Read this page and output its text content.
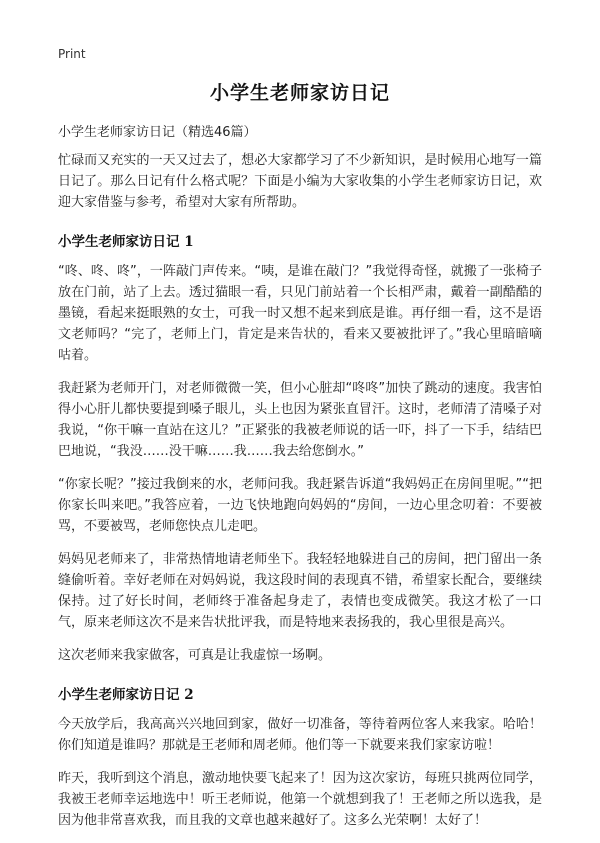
Print
小学生老师家访日记
小学生老师家访日记（精选46篇）

忙碌而又充实的一天又过去了，想必大家都学习了不少新知识，是时候用心地写一篇日记了。那么日记有什么格式呢？下面是小编为大家收集的小学生老师家访日记，欢迎大家借鉴与参考，希望对大家有所帮助。

小学生老师家访日记 1

“咚、咚、咚”，一阵敲门声传来。“咦，是谁在敲门？”我觉得奇怪，就搬了一张椅子放在门前，站了上去。透过猫眼一看，只见门前站着一个长相严肃，戴着一副酷酷的墨镜，看起来挺眼熟的女士，可我一时又想不起来到底是谁。再仔细一看，这不是语文老师吗？“完了，老师上门，肯定是来告状的，看来又要被批评了。”我心里暗暗嘀咕着。

我赶紧为老师开门，对老师微微一笑，但小心脏却“咚咚”加快了跳动的速度。我害怕得小心肝儿都快要提到嗓子眼儿，头上也因为紧张直冒汗。这时，老师清了清嗓子对我说，“你干嘛一直站在这儿？”正紧张的我被老师说的话一吓，抖了一下手，结结巴巴地说，“我没……没干嘛……我……我去给您倒水。”

“你家长呢？”接过我倒来的水，老师问我。我赶紧告诉道“我妈妈正在房间里呢。”“把你家长叫来吧。”我答应着，一边飞快地跑向妈妈的“房间，一边心里念叨着：不要被骂，不要被骂，老师您快点儿走吧。

妈妈见老师来了，非常热情地请老师坐下。我轻轻地躲进自己的房间，把门留出一条缝偷听着。幸好老师在对妈妈说，我这段时间的表现真不错，希望家长配合，要继续保持。过了好长时间，老师终于准备起身走了，表情也变成微笑。我这才松了一口气，原来老师这次不是来告状批评我，而是特地来表扬我的，我心里很是高兴。

这次老师来我家做客，可真是让我虚惊一场啊。

小学生老师家访日记 2

今天放学后，我高高兴兴地回到家，做好一切准备，等待着两位客人来我家。哈哈！你们知道是谁吗？那就是王老师和周老师。他们等一下就要来我们家家访啦！

昨天，我听到这个消息，激动地快要飞起来了！因为这次家访，每班只挑两位同学，我被王老师幸运地选中！听王老师说，他第一个就想到我了！王老师之所以选我，是因为他非常喜欢我，而且我的文章也越来越好了。这多么光荣啊！太好了！
